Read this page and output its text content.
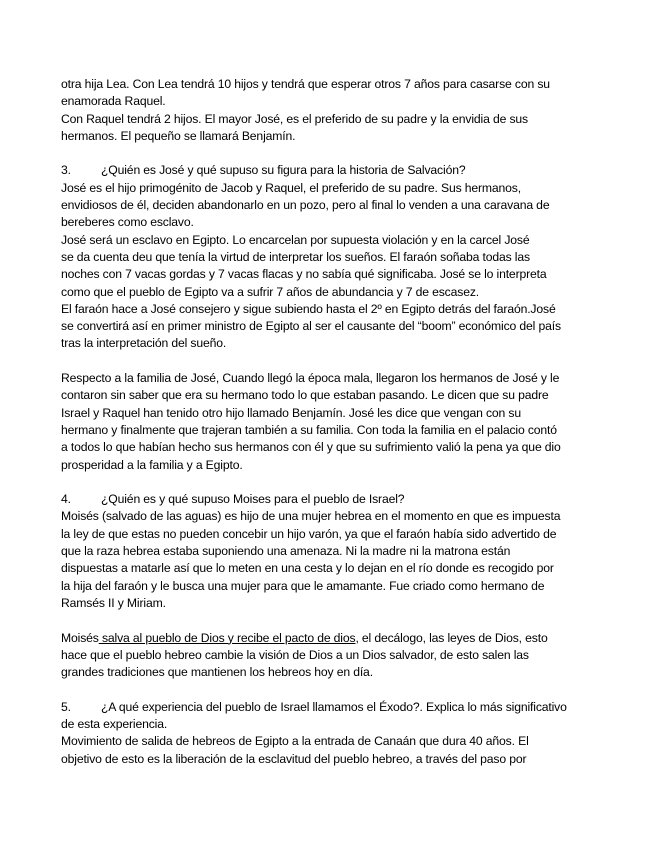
otra hija Lea. Con Lea tendrá 10 hijos y tendrá que esperar otros 7 años para casarse con su
enamorada Raquel.
Con Raquel tendrá 2 hijos. El mayor José, es el preferido de su padre y la envidia de sus
hermanos. El pequeño se llamará Benjamín.

3. ¿Quién es José y qué supuso su figura para la historia de Salvación?

José es el hijo primogénito de Jacob y Raquel, el preferido de su padre. Sus hermanos,
envidiosos de él, deciden abandonarlo en un pozo, pero al final lo venden a una caravana de
bereberes como esclavo.
José será un esclavo en Egipto. Lo encarcelan por supuesta violación y en la carcel José
se da cuenta deu que tenía la virtud de interpretar los sueños. El faraón soñaba todas las
noches con 7 vacas gordas y 7 vacas flacas y no sabía qué significaba. José se lo interpreta
como que el pueblo de Egipto va a sufrir 7 años de abundancia y 7 de escasez.
El faraón hace a José consejero y sigue subiendo hasta el 2º en Egipto detrás del faraón.José
se convertirá así en primer ministro de Egipto al ser el causante del “boom” económico del país
tras la interpretación del sueño.

Respecto a la familia de José, Cuando llegó la época mala, llegaron los hermanos de José y le
contaron sin saber que era su hermano todo lo que estaban pasando. Le dicen que su padre
Israel y Raquel han tenido otro hijo llamado Benjamín. José les dice que vengan con su
hermano y finalmente que trajeran también a su familia. Con toda la familia en el palacio contó
a todos lo que habían hecho sus hermanos con él y que su sufrimiento valió la pena ya que dio
prosperidad a la familia y a Egipto.

4. ¿Quién es y qué supuso Moises para el pueblo de Israel?

Moisés (salvado de las aguas) es hijo de una mujer hebrea en el momento en que es impuesta
la ley de que estas no pueden concebir un hijo varón, ya que el faraón había sido advertido de
que la raza hebrea estaba suponiendo una amenaza. Ni la madre ni la matrona están
dispuestas a matarle así que lo meten en una cesta y lo dejan en el río donde es recogido por
la hija del faraón y le busca una mujer para que le amamante. Fue criado como hermano de
Ramsés II y Miriam.

Moisés salva al pueblo de Dios y recibe el pacto de dios, el decálogo, las leyes de Dios, esto
hace que el pueblo hebreo cambie la visión de Dios a un Dios salvador, de esto salen las
grandes tradiciones que mantienen los hebreos hoy en día.

5. ¿A qué experiencia del pueblo de Israel llamamos el Éxodo?. Explica lo más significativo
de esta experiencia.

Movimiento de salida de hebreos de Egipto a la entrada de Canaán que dura 40 años. El
objetivo de esto es la liberación de la esclavitud del pueblo hebreo, a través del paso por
